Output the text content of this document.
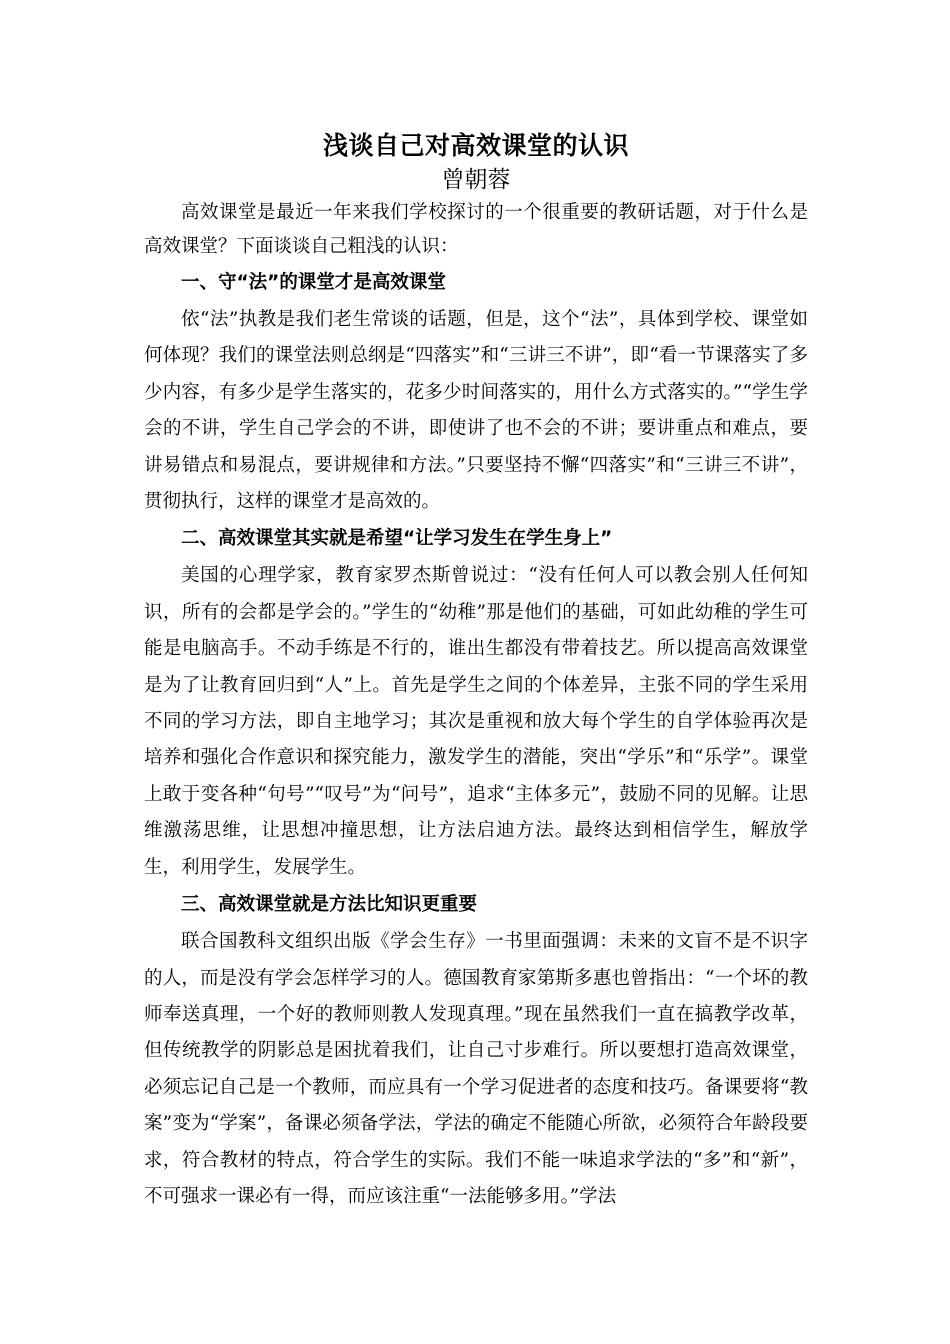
浅谈自己对高效课堂的认识
曾朝蓉

高效课堂是最近一年来我们学校探讨的一个很重要的教研话题，对于什么是高效课堂？下面谈谈自己粗浅的认识：

一、守“法”的课堂才是高效课堂

依“法”执教是我们老生常谈的话题，但是，这个“法”，具体到学校、课堂如何体现？我们的课堂法则总纲是“四落实”和“三讲三不讲”，即“看一节课落实了多少内容，有多少是学生落实的，花多少时间落实的，用什么方式落实的。”“学生学会的不讲，学生自己学会的不讲，即使讲了也不会的不讲；要讲重点和难点，要讲易错点和易混点，要讲规律和方法。”只要坚持不懈“四落实”和“三讲三不讲”，贯彻执行，这样的课堂才是高效的。

二、高效课堂其实就是希望“让学习发生在学生身上”

美国的心理学家，教育家罗杰斯曾说过：“没有任何人可以教会别人任何知识，所有的会都是学会的。”学生的“幼稚”那是他们的基础，可如此幼稚的学生可能是电脑高手。不动手练是不行的，谁出生都没有带着技艺。所以提高高效课堂是为了让教育回归到“人”上。首先是学生之间的个体差异，主张不同的学生采用不同的学习方法，即自主地学习；其次是重视和放大每个学生的自学体验再次是培养和强化合作意识和探究能力，激发学生的潜能，突出“学乐”和“乐学”。课堂上敢于变各种“句号”“叹号”为“问号”，追求“主体多元”，鼓励不同的见解。让思维激荡思维，让思想冲撞思想，让方法启迪方法。最终达到相信学生，解放学生，利用学生，发展学生。

三、高效课堂就是方法比知识更重要

联合国教科文组织出版《学会生存》一书里面强调：未来的文盲不是不识字的人，而是没有学会怎样学习的人。德国教育家第斯多惠也曾指出：“一个坏的教师奉送真理，一个好的教师则教人发现真理。”现在虽然我们一直在搞教学改革，但传统教学的阴影总是困扰着我们，让自己寸步难行。所以要想打造高效课堂，必须忘记自己是一个教师，而应具有一个学习促进者的态度和技巧。备课要将“教案”变为“学案”，备课必须备学法，学法的确定不能随心所欲，必须符合年龄段要求，符合教材的特点，符合学生的实际。我们不能一味追求学法的“多”和“新”，不可强求一课必有一得，而应该注重“一法能够多用。”学法
